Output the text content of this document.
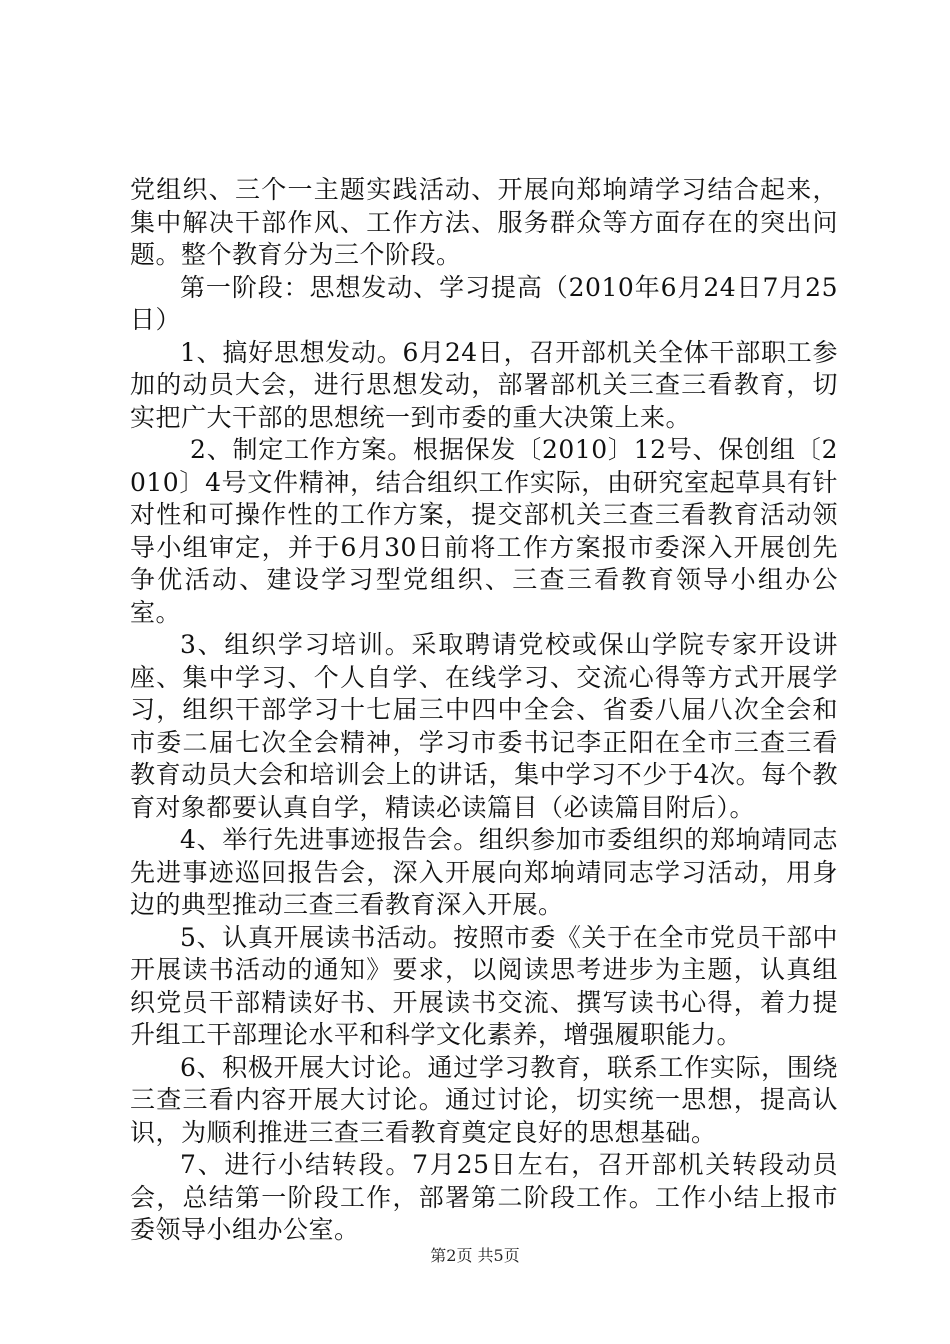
党组织、三个一主题实践活动、开展向郑垧靖学习结合起来，集中解决干部作风、工作方法、服务群众等方面存在的突出问题。整个教育分为三个阶段。

第一阶段：思想发动、学习提高（2010年6月24日7月25日）

1、搞好思想发动。6月24日，召开部机关全体干部职工参加的动员大会，进行思想发动，部署部机关三查三看教育，切实把广大干部的思想统一到市委的重大决策上来。

2、制定工作方案。根据保发〔2010〕12号、保创组〔2010〕4号文件精神，结合组织工作实际，由研究室起草具有针对性和可操作性的工作方案，提交部机关三查三看教育活动领导小组审定，并于6月30日前将工作方案报市委深入开展创先争优活动、建设学习型党组织、三查三看教育领导小组办公室。

3、组织学习培训。采取聘请党校或保山学院专家开设讲座、集中学习、个人自学、在线学习、交流心得等方式开展学习，组织干部学习十七届三中四中全会、省委八届八次全会和市委二届七次全会精神，学习市委书记李正阳在全市三查三看教育动员大会和培训会上的讲话，集中学习不少于4次。每个教育对象都要认真自学，精读必读篇目（必读篇目附后）。

4、举行先进事迹报告会。组织参加市委组织的郑垧靖同志先进事迹巡回报告会，深入开展向郑垧靖同志学习活动，用身边的典型推动三查三看教育深入开展。

5、认真开展读书活动。按照市委《关于在全市党员干部中开展读书活动的通知》要求，以阅读思考进步为主题，认真组织党员干部精读好书、开展读书交流、撰写读书心得，着力提升组工干部理论水平和科学文化素养，增强履职能力。

6、积极开展大讨论。通过学习教育，联系工作实际，围绕三查三看内容开展大讨论。通过讨论，切实统一思想，提高认识，为顺利推进三查三看教育奠定良好的思想基础。

7、进行小结转段。7月25日左右，召开部机关转段动员会，总结第一阶段工作，部署第二阶段工作。工作小结上报市委领导小组办公室。

第2页 共5页
